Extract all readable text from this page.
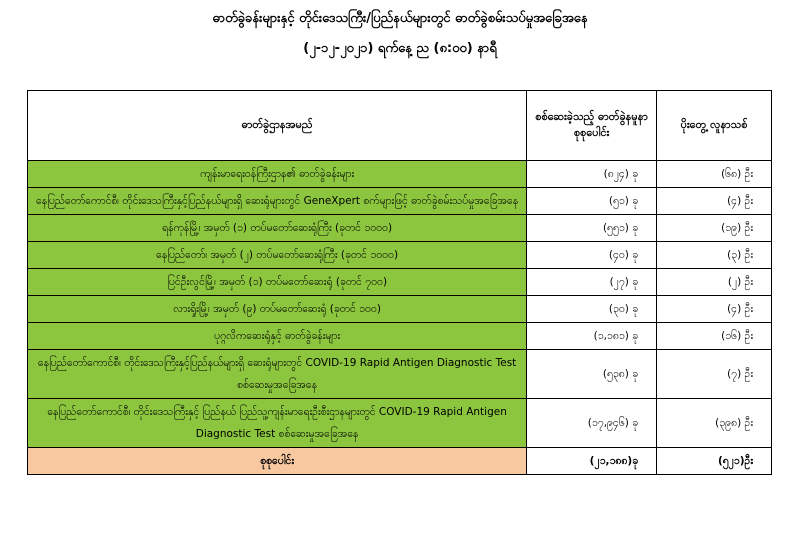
ဓာတ်ခွဲခန်းများနှင့် တိုင်းဒေသကြီး/ပြည်နယ်များတွင် ဓာတ်ခွဲစမ်းသပ်မှုအခြေအနေ
(၂-၁၂-၂၀၂၁) ရက်နေ့ ည (၈:၀၀) နာရီ
ဓာတ်ခွဲဌာနအမည်	စစ်ဆေးခဲ့သည့် ဓာတ်ခွဲနမူနာ စုစုပေါင်း	ပိုးတွေ့ လူနာသစ်
ကျန်းမာရေးဝန်ကြီးဌာန၏ ဓာတ်ခွဲခန်းများ	(၈၂၄) ခု	(၆၈) ဦး
နေပြည်တော်ကောင်စီ၊ တိုင်းဒေသကြီးနှင့်ပြည်နယ်များရှိ ဆေးရုံများတွင် GeneXpert စက်များဖြင့် ဓာတ်ခွဲစမ်းသပ်မှုအခြေအနေ	(၅၁) ခု	(၄) ဦး
ရန်ကုန်မြို့၊ အမှတ် (၁) တပ်မတော်ဆေးရုံကြီး (ခုတင် ၁၀၀၀)	(၅၅၁) ခု	(၁၉) ဦး
နေပြည်တော်၊ အမှတ် (၂) တပ်မတော်ဆေးရုံကြီး (ခုတင် ၁၀၀၀)	(၄၀) ခု	(၃) ဦး
ပြင်ဦးလွင်မြို့၊ အမှတ် (၁) တပ်မတော်ဆေးရုံ (ခုတင် ၇၀၀)	(၂၇) ခု	(၂) ဦး
လားရှိုးမြို့၊ အမှတ် (၉) တပ်မတော်ဆေးရုံ (ခုတင် ၁၀၀)	(၃၀) ခု	(၄) ဦး
ပုဂ္ဂလိကဆေးရုံနှင့် ဓာတ်ခွဲခန်းများ	(၁,၁၈၁) ခု	(၁၆) ဦး
နေပြည်တော်ကောင်စီ၊ တိုင်းဒေသကြီးနှင့်ပြည်နယ်များရှိ ဆေးရုံများတွင် COVID-19 Rapid Antigen Diagnostic Test စစ်ဆေးမှုအခြေအနေ	(၅၃၈) ခု	(၇) ဦး
နေပြည်တော်ကောင်စီ၊ တိုင်းဒေသကြီးနှင့် ပြည်နယ် ပြည်သူ့ကျန်းမာရေးဦးစီးဌာနများတွင် COVID-19 Rapid Antigen Diagnostic Test စစ်ဆေးမှုအခြေအနေ	(၁၇,၉၄၆) ခု	(၃၉၈) ဦး
စုစုပေါင်း	(၂၁,၁၈၈)ခု	(၅၂၁)ဦး
